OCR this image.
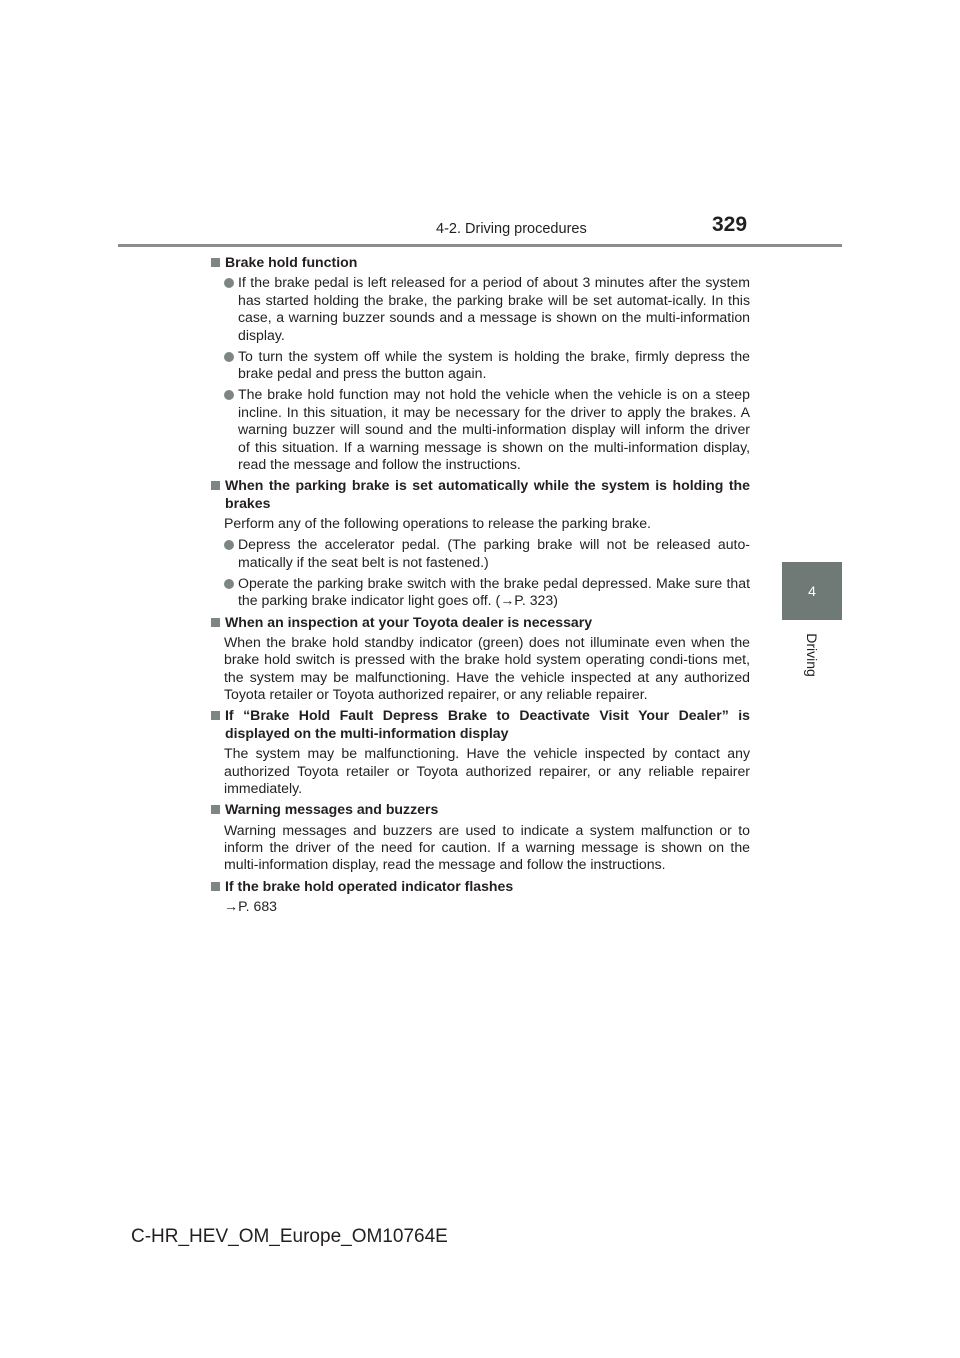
4-2. Driving procedures	329
4
Driving
Brake hold function
If the brake pedal is left released for a period of about 3 minutes after the system has started holding the brake, the parking brake will be set automat-ically. In this case, a warning buzzer sounds and a message is shown on the multi-information display.
To turn the system off while the system is holding the brake, firmly depress the brake pedal and press the button again.
The brake hold function may not hold the vehicle when the vehicle is on a steep incline. In this situation, it may be necessary for the driver to apply the brakes. A warning buzzer will sound and the multi-information display will inform the driver of this situation. If a warning message is shown on the multi-information display, read the message and follow the instructions.
When the parking brake is set automatically while the system is holding the brakes
Perform any of the following operations to release the parking brake.
Depress the accelerator pedal. (The parking brake will not be released auto-matically if the seat belt is not fastened.)
Operate the parking brake switch with the brake pedal depressed. Make sure that the parking brake indicator light goes off. (→P. 323)
When an inspection at your Toyota dealer is necessary
When the brake hold standby indicator (green) does not illuminate even when the brake hold switch is pressed with the brake hold system operating condi-tions met, the system may be malfunctioning. Have the vehicle inspected at any authorized Toyota retailer or Toyota authorized repairer, or any reliable repairer.
If “Brake Hold Fault Depress Brake to Deactivate Visit Your Dealer” is displayed on the multi-information display
The system may be malfunctioning. Have the vehicle inspected by contact any authorized Toyota retailer or Toyota authorized repairer, or any reliable repairer immediately.
Warning messages and buzzers
Warning messages and buzzers are used to indicate a system malfunction or to inform the driver of the need for caution. If a warning message is shown on the multi-information display, read the message and follow the instructions.
If the brake hold operated indicator flashes
→P. 683
C-HR_HEV_OM_Europe_OM10764E
